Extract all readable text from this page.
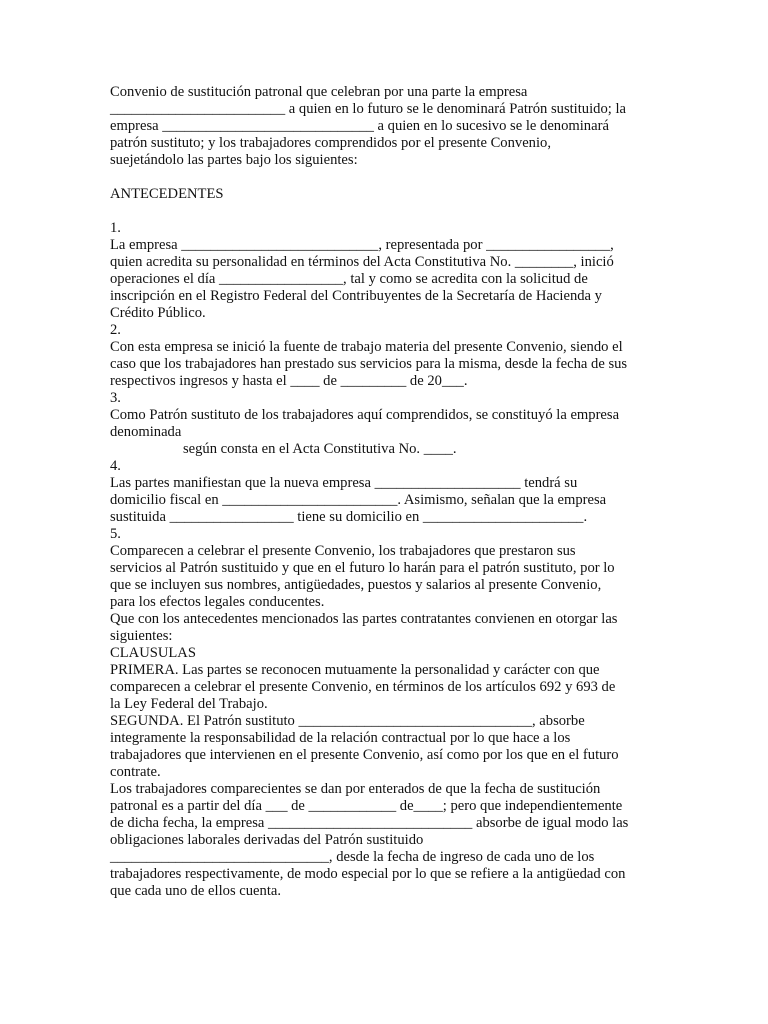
Convenio de sustitución patronal que celebran por una parte la empresa
________________________ a quien en lo futuro se le denominará Patrón sustituido; la
empresa _____________________________ a quien en lo sucesivo se le denominará
patrón sustituto; y los trabajadores comprendidos por el presente Convenio,
suejetándolo las partes bajo los siguientes:
ANTECEDENTES
1.
La empresa ___________________________, representada por _________________,
quien acredita su personalidad en términos del Acta Constitutiva No. ________, inició
operaciones el día _________________, tal y como se acredita con la solicitud de
inscripción en el Registro Federal del Contribuyentes de la Secretaría de Hacienda y
Crédito Público.
2.
Con esta empresa se inició la fuente de trabajo materia del presente Convenio, siendo el
caso que los trabajadores han prestado sus servicios para la misma, desde la fecha de sus
respectivos ingresos y hasta el ____ de _________ de 20___.
3.
Como Patrón sustituto de los trabajadores aquí comprendidos, se constituyó la empresa
denominada
según consta en el Acta Constitutiva No. ____.
4.
Las partes manifiestan que la nueva empresa ____________________ tendrá su
domicilio fiscal en ________________________. Asimismo, señalan que la empresa
sustituida _________________ tiene su domicilio en ______________________.
5.
Comparecen a celebrar el presente Convenio, los trabajadores que prestaron sus
servicios al Patrón sustituido y que en el futuro lo harán para el patrón sustituto, por lo
que se incluyen sus nombres, antigüedades, puestos y salarios al presente Convenio,
para los efectos legales conducentes.
Que con los antecedentes mencionados las partes contratantes convienen en otorgar las
siguientes:
CLAUSULAS
PRIMERA. Las partes se reconocen mutuamente la personalidad y carácter con que
comparecen a celebrar el presente Convenio, en términos de los artículos 692 y 693 de
la Ley Federal del Trabajo.
SEGUNDA. El Patrón sustituto ________________________________, absorbe
integramente la responsabilidad de la relación contractual por lo que hace a los
trabajadores que intervienen en el presente Convenio, así como por los que en el futuro
contrate.
Los trabajadores comparecientes se dan por enterados de que la fecha de sustitución
patronal es a partir del día ___ de ____________ de____; pero que independientemente
de dicha fecha, la empresa ____________________________ absorbe de igual modo las
obligaciones laborales derivadas del Patrón sustituido
______________________________, desde la fecha de ingreso de cada uno de los
trabajadores respectivamente, de modo especial por lo que se refiere a la antigüedad con
que cada uno de ellos cuenta.
